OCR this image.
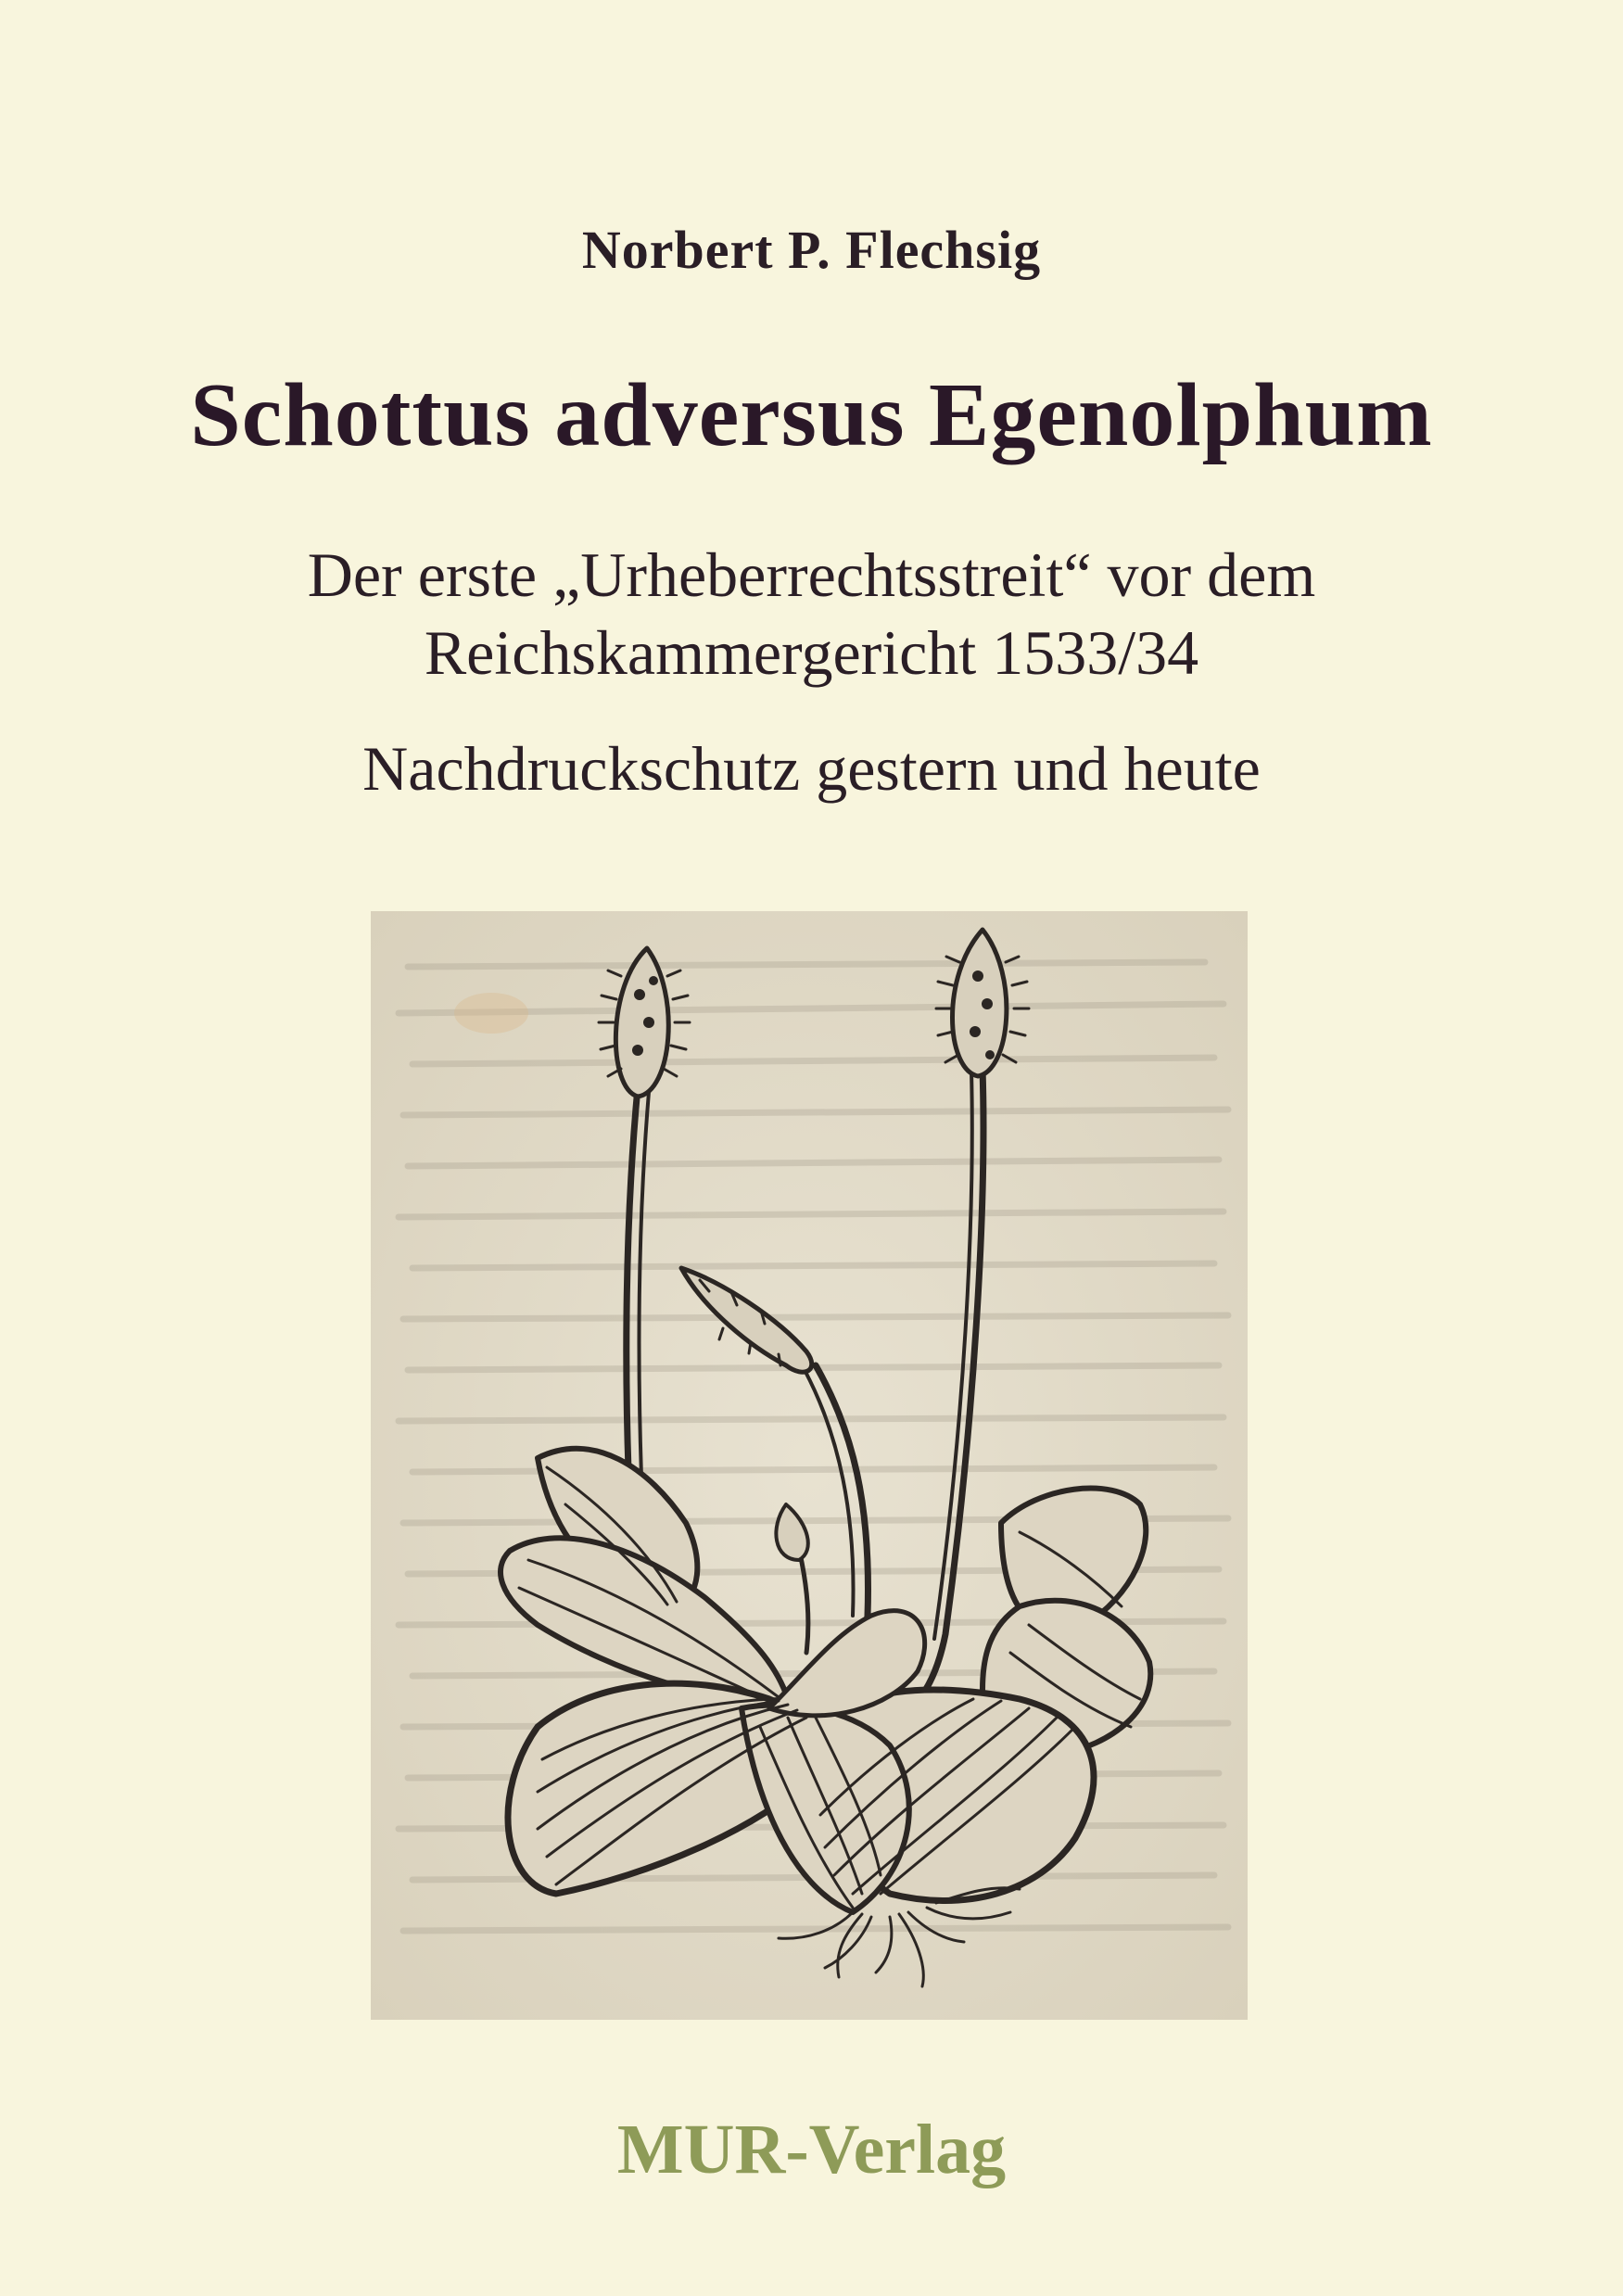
Norbert P. Flechsig
Schottus adversus Egenolphum
Der erste „Urheberrechtsstreit“ vor dem
Reichskammergericht 1533/34
Nachdruckschutz gestern und heute
MUR-Verlag
